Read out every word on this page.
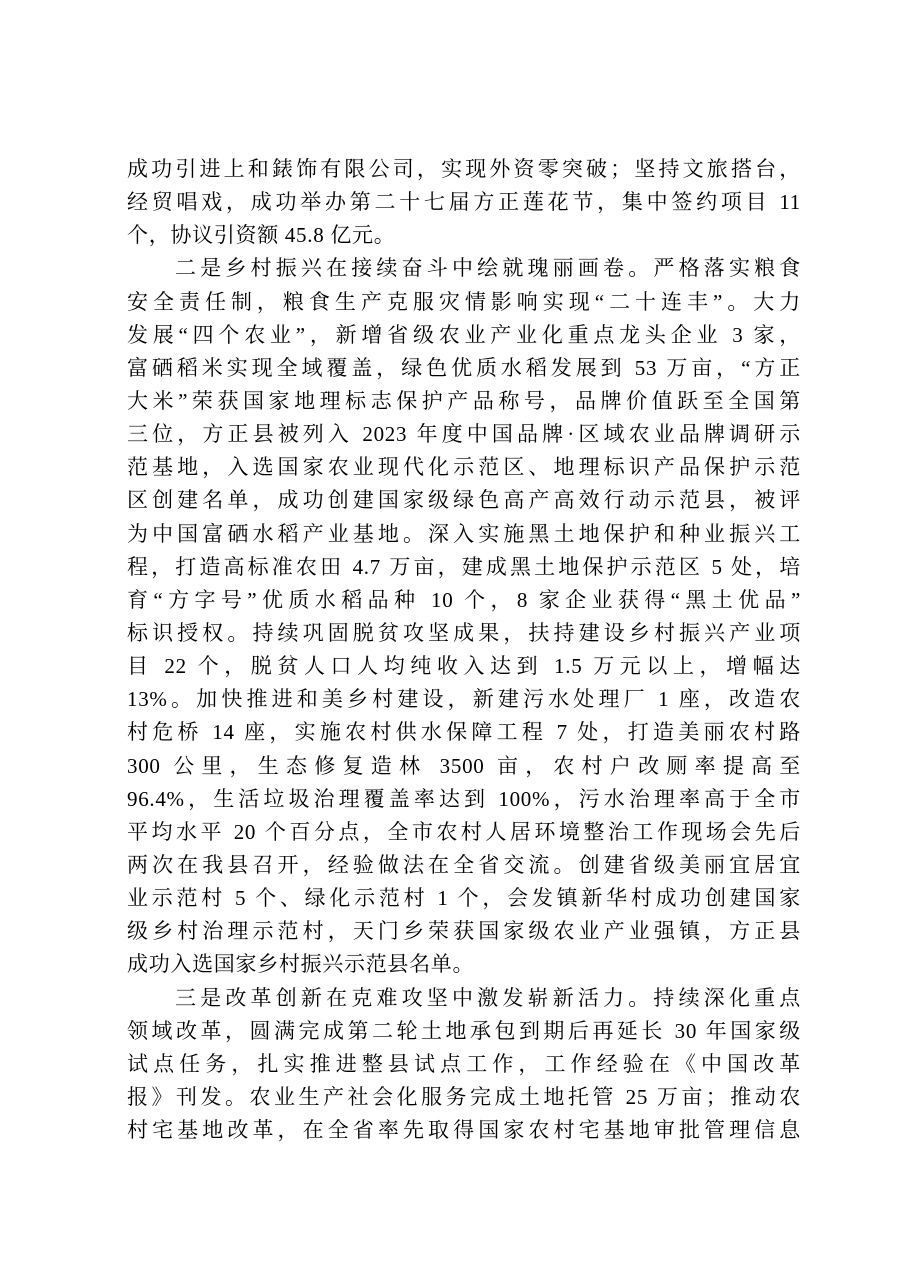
成功引进上和錶饰有限公司，实现外资零突破；坚持文旅搭台，
经贸唱戏，成功举办第二十七届方正莲花节，集中签约项目 11
个，协议引资额 45.8 亿元。
二是乡村振兴在接续奋斗中绘就瑰丽画卷。严格落实粮食
安全责任制，粮食生产克服灾情影响实现“二十连丰”。大力
发展“四个农业”，新增省级农业产业化重点龙头企业 3 家，
富硒稻米实现全域覆盖，绿色优质水稻发展到 53 万亩，“方正
大米”荣获国家地理标志保护产品称号，品牌价值跃至全国第
三位，方正县被列入 2023 年度中国品牌·区域农业品牌调研示
范基地，入选国家农业现代化示范区、地理标识产品保护示范
区创建名单，成功创建国家级绿色高产高效行动示范县，被评
为中国富硒水稻产业基地。深入实施黑土地保护和种业振兴工
程，打造高标准农田 4.7 万亩，建成黑土地保护示范区 5 处，培
育“方字号”优质水稻品种 10 个，8 家企业获得“黑土优品”
标识授权。持续巩固脱贫攻坚成果，扶持建设乡村振兴产业项
目 22 个，脱贫人口人均纯收入达到 1.5 万元以上，增幅达
13%。加快推进和美乡村建设，新建污水处理厂 1 座，改造农
村危桥 14 座，实施农村供水保障工程 7 处，打造美丽农村路
300 公里，生态修复造林 3500 亩，农村户改厕率提高至
96.4%，生活垃圾治理覆盖率达到 100%，污水治理率高于全市
平均水平 20 个百分点，全市农村人居环境整治工作现场会先后
两次在我县召开，经验做法在全省交流。创建省级美丽宜居宜
业示范村 5 个、绿化示范村 1 个，会发镇新华村成功创建国家
级乡村治理示范村，天门乡荣获国家级农业产业强镇，方正县
成功入选国家乡村振兴示范县名单。
三是改革创新在克难攻坚中激发崭新活力。持续深化重点
领域改革，圆满完成第二轮土地承包到期后再延长 30 年国家级
试点任务，扎实推进整县试点工作，工作经验在《中国改革
报》刊发。农业生产社会化服务完成土地托管 25 万亩；推动农
村宅基地改革，在全省率先取得国家农村宅基地审批管理信息
